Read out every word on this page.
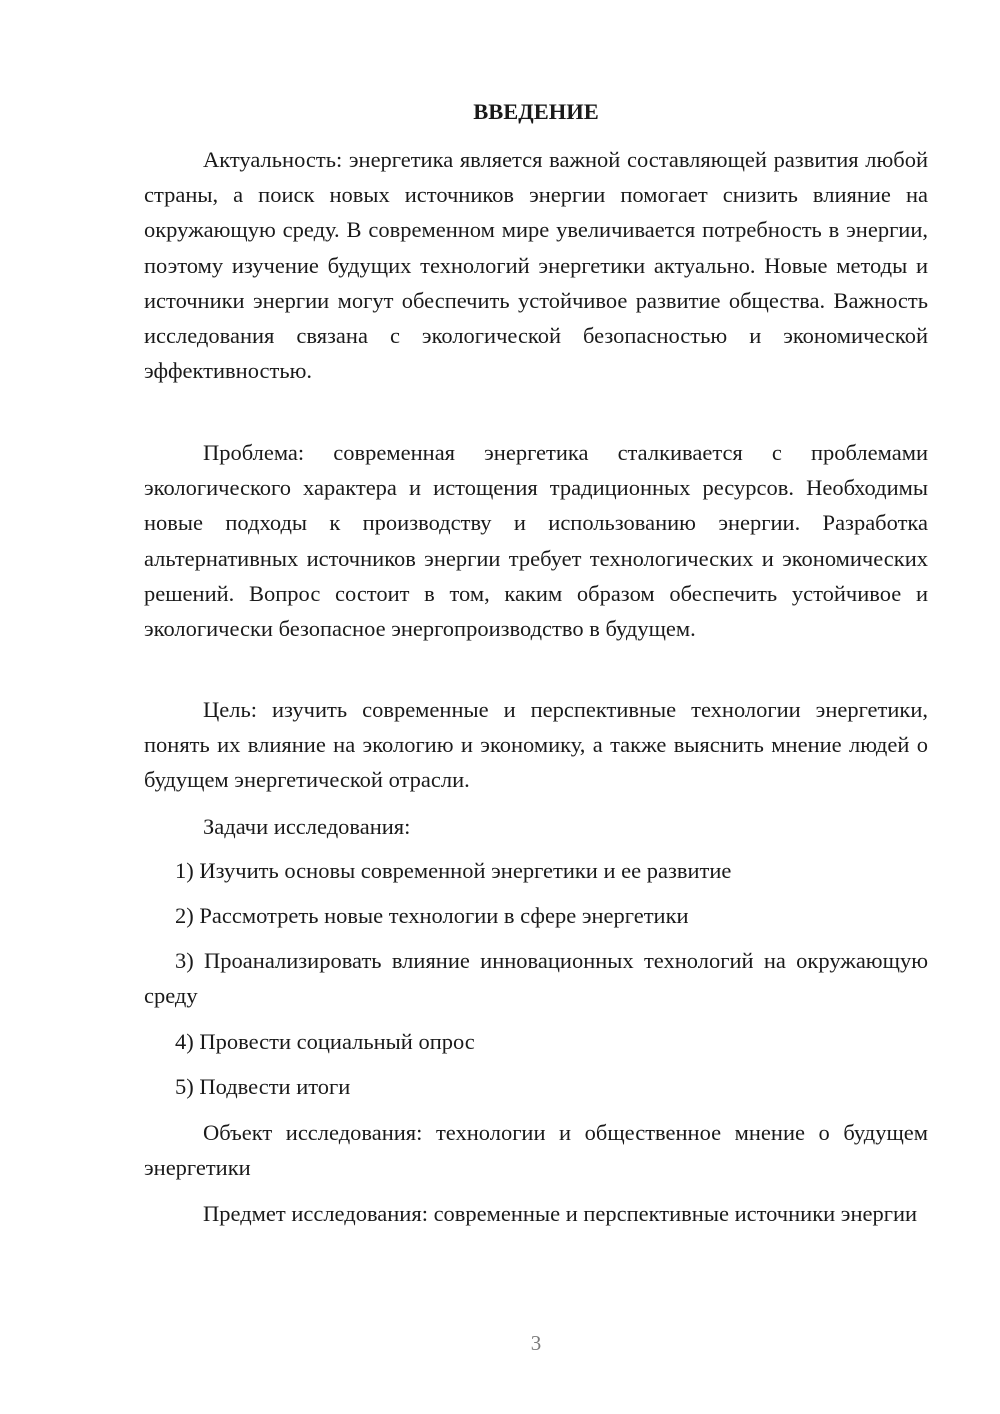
ВВЕДЕНИЕ

Актуальность: энергетика является важной составляющей развития любой страны, а поиск новых источников энергии помогает снизить влияние на окружающую среду. В современном мире увеличивается потребность в энергии, поэтому изучение будущих технологий энергетики актуально. Новые методы и источники энергии могут обеспечить устойчивое развитие общества. Важность исследования связана с экологической безопасностью и экономической эффективностью.

Проблема: современная энергетика сталкивается с проблемами экологического характера и истощения традиционных ресурсов. Необходимы новые подходы к производству и использованию энергии. Разработка альтернативных источников энергии требует технологических и экономических решений. Вопрос состоит в том, каким образом обеспечить устойчивое и экологически безопасное энергопроизводство в будущем.

Цель: изучить современные и перспективные технологии энергетики, понять их влияние на экологию и экономику, а также выяснить мнение людей о будущем энергетической отрасли.

Задачи исследования:

1) Изучить основы современной энергетики и ее развитие

2) Рассмотреть новые технологии в сфере энергетики

3) Проанализировать влияние инновационных технологий на окружающую среду

4) Провести социальный опрос

5) Подвести итоги

Объект исследования: технологии и общественное мнение о будущем энергетики

Предмет исследования: современные и перспективные источники энергии

3
